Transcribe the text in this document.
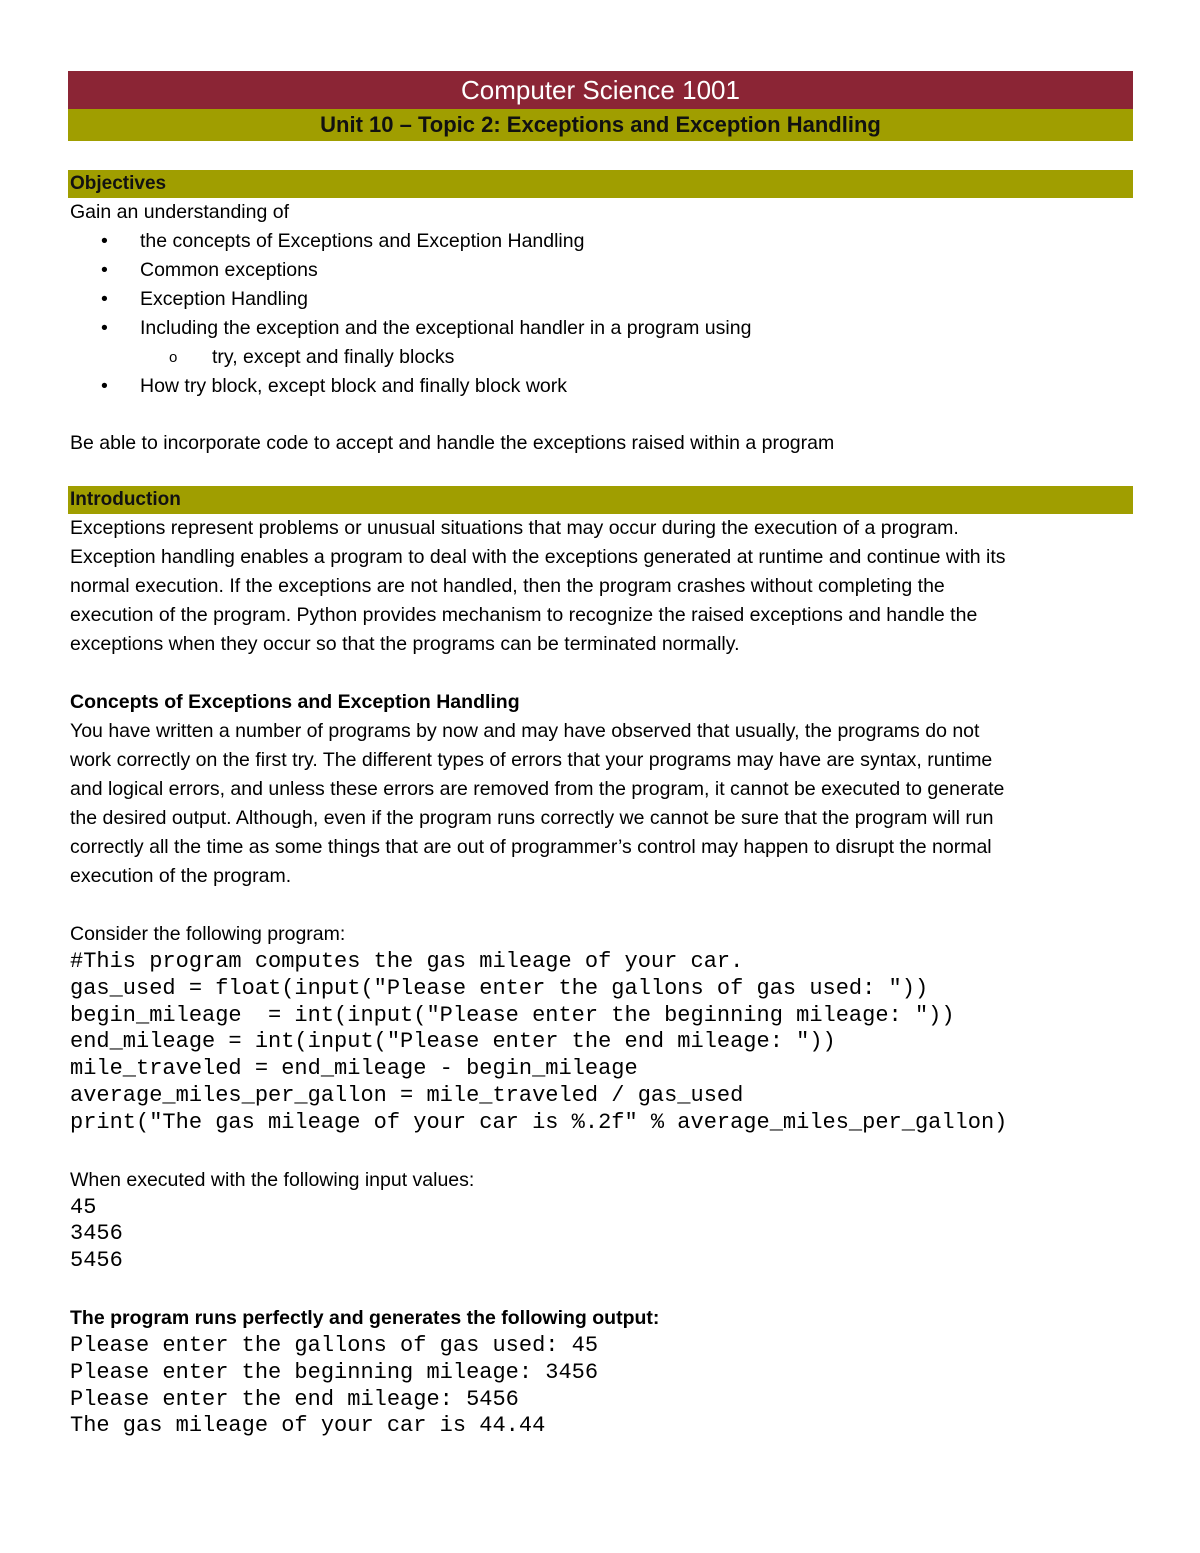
Computer Science 1001
Unit 10 – Topic 2: Exceptions and Exception Handling
Objectives
Gain an understanding of
• the concepts of Exceptions and Exception Handling
• Common exceptions
• Exception Handling
• Including the exception and the exceptional handler in a program using
o try, except and finally blocks
• How try block, except block and finally block work
Be able to incorporate code to accept and handle the exceptions raised within a program
Introduction
Exceptions represent problems or unusual situations that may occur during the execution of a program.
Exception handling enables a program to deal with the exceptions generated at runtime and continue with its
normal execution. If the exceptions are not handled, then the program crashes without completing the
execution of the program. Python provides mechanism to recognize the raised exceptions and handle the
exceptions when they occur so that the programs can be terminated normally.
Concepts of Exceptions and Exception Handling
You have written a number of programs by now and may have observed that usually, the programs do not
work correctly on the first try. The different types of errors that your programs may have are syntax, runtime
and logical errors, and unless these errors are removed from the program, it cannot be executed to generate
the desired output. Although, even if the program runs correctly we cannot be sure that the program will run
correctly all the time as some things that are out of programmer’s control may happen to disrupt the normal
execution of the program.
Consider the following program:
#This program computes the gas mileage of your car.
gas_used = float(input("Please enter the gallons of gas used: "))
begin_mileage  = int(input("Please enter the beginning mileage: "))
end_mileage = int(input("Please enter the end mileage: "))
mile_traveled = end_mileage - begin_mileage
average_miles_per_gallon = mile_traveled / gas_used
print("The gas mileage of your car is %.2f" % average_miles_per_gallon)
When executed with the following input values:
45
3456
5456
The program runs perfectly and generates the following output:
Please enter the gallons of gas used: 45
Please enter the beginning mileage: 3456
Please enter the end mileage: 5456
The gas mileage of your car is 44.44
